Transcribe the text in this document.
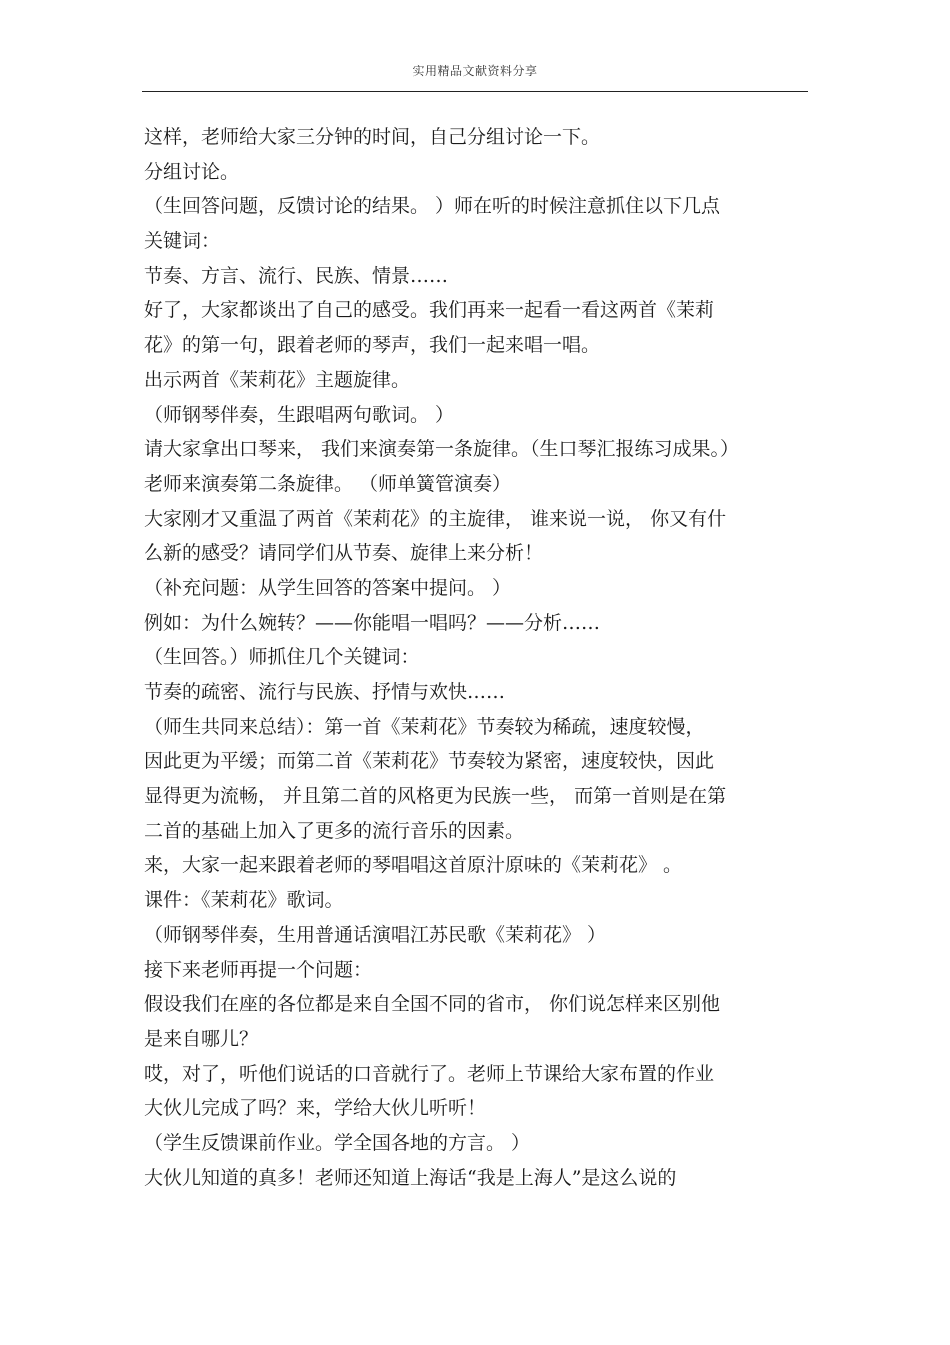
实用精品文献资料分享
这样，老师给大家三分钟的时间，自己分组讨论一下。
分组讨论。
（生回答问题，反馈讨论的结果。 ）师在听的时候注意抓住以下几点
关键词：
节奏、方言、流行、民族、情景……
好了，大家都谈出了自己的感受。我们再来一起看一看这两首《茉莉
花》的第一句，跟着老师的琴声，我们一起来唱一唱。
出示两首《茉莉花》主题旋律。
（师钢琴伴奏，生跟唱两句歌词。 ）
请大家拿出口琴来， 我们来演奏第一条旋律。（生口琴汇报练习成果。）
老师来演奏第二条旋律。 （师单簧管演奏）
大家刚才又重温了两首《茉莉花》的主旋律， 谁来说一说， 你又有什
么新的感受？请同学们从节奏、旋律上来分析！
（补充问题：从学生回答的答案中提问。 ）
例如：为什么婉转？——你能唱一唱吗？——分析……
（生回答。）师抓住几个关键词：
节奏的疏密、流行与民族、抒情与欢快……
（师生共同来总结）：第一首《茉莉花》节奏较为稀疏，速度较慢，
因此更为平缓；而第二首《茉莉花》节奏较为紧密，速度较快，因此
显得更为流畅， 并且第二首的风格更为民族一些， 而第一首则是在第
二首的基础上加入了更多的流行音乐的因素。
来，大家一起来跟着老师的琴唱唱这首原汁原味的《茉莉花》 。
课件：《茉莉花》歌词。
（师钢琴伴奏，生用普通话演唱江苏民歌《茉莉花》 ）
接下来老师再提一个问题：
假设我们在座的各位都是来自全国不同的省市， 你们说怎样来区别他
是来自哪儿？
哎，对了，听他们说话的口音就行了。老师上节课给大家布置的作业
大伙儿完成了吗？来，学给大伙儿听听！
（学生反馈课前作业。学全国各地的方言。 ）
大伙儿知道的真多！老师还知道上海话“我是上海人”是这么说的
